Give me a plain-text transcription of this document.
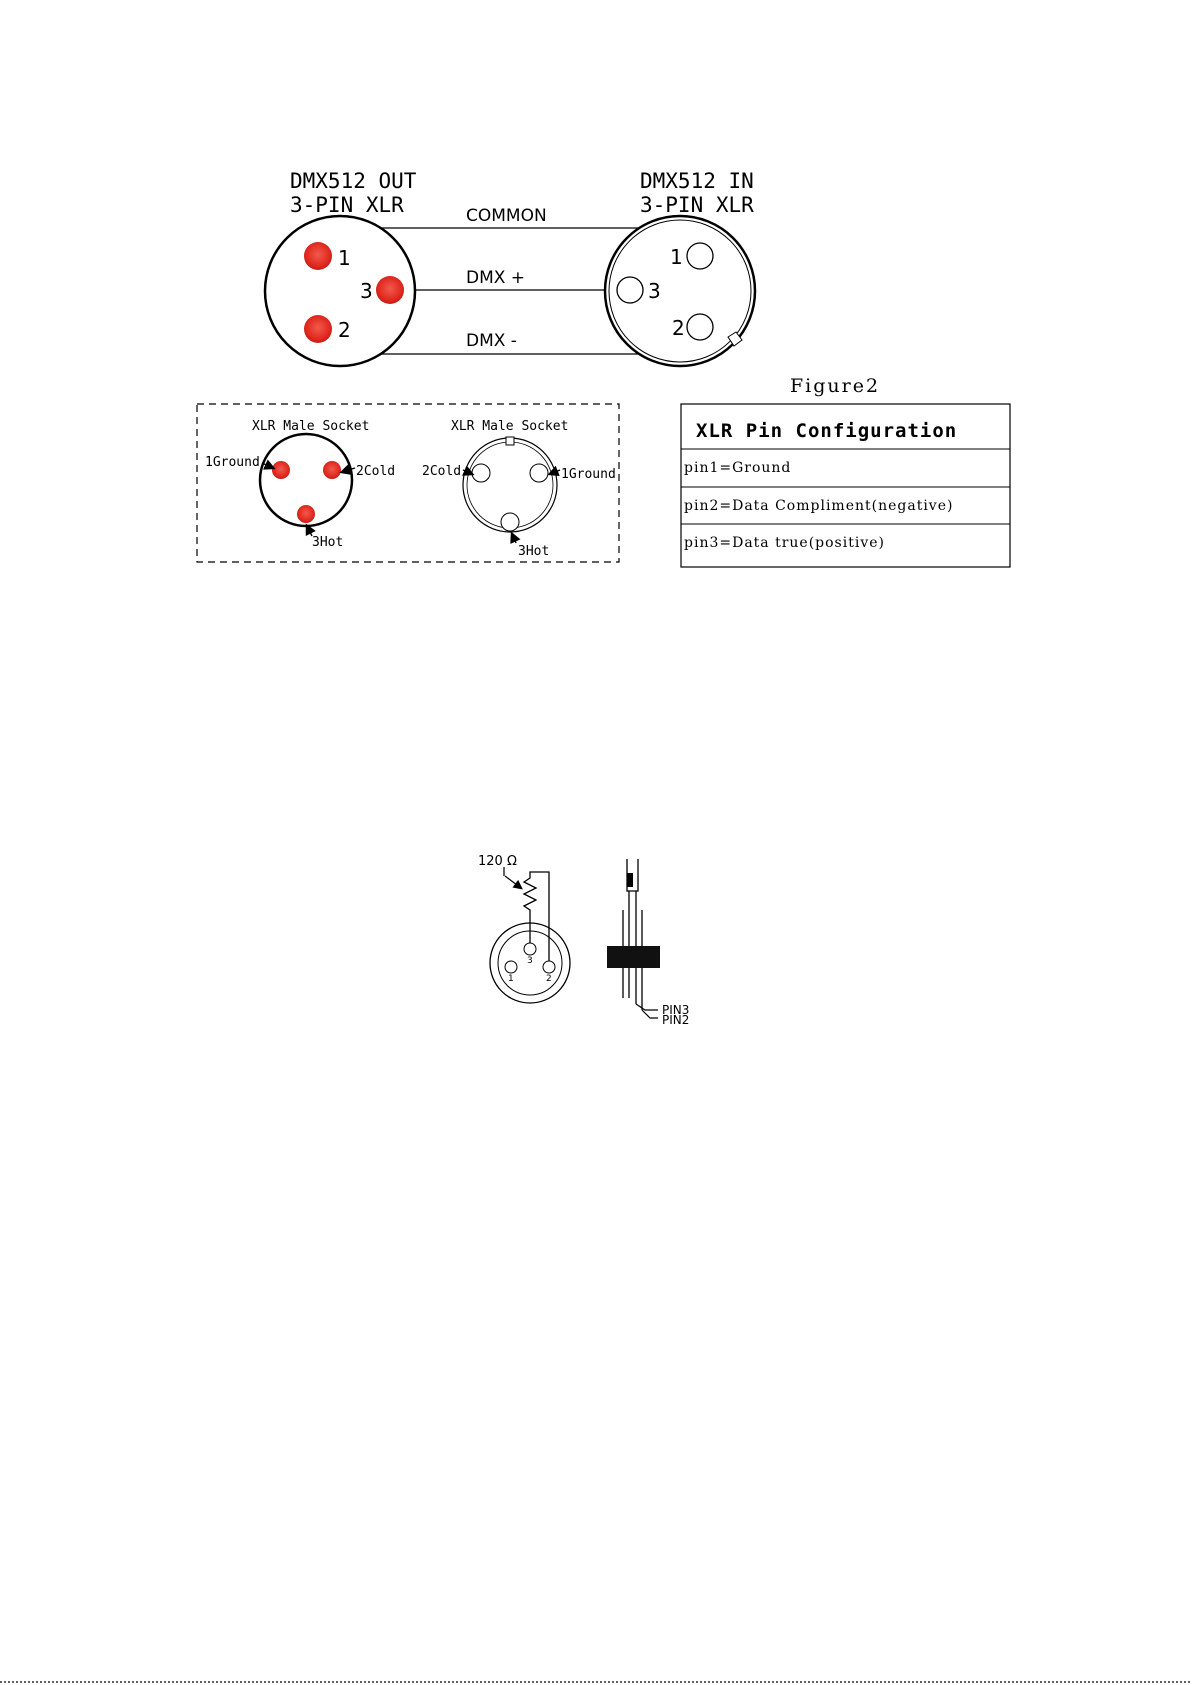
DMX512 OUT
3-PIN XLR
DMX512 IN
3-PIN XLR
COMMON
DMX +
DMX -
1
3
2
1
3
2
XLR Male Socket
1Ground
2Cold
3Hot
XLR Male Socket
2Cold	1Ground
3Hot
Figure2
XLR Pin Configuration
pin1=Ground
pin2=Data Compliment(negative)
pin3=Data true(positive)
120 Ω
1
3
2
PIN3
PIN2
